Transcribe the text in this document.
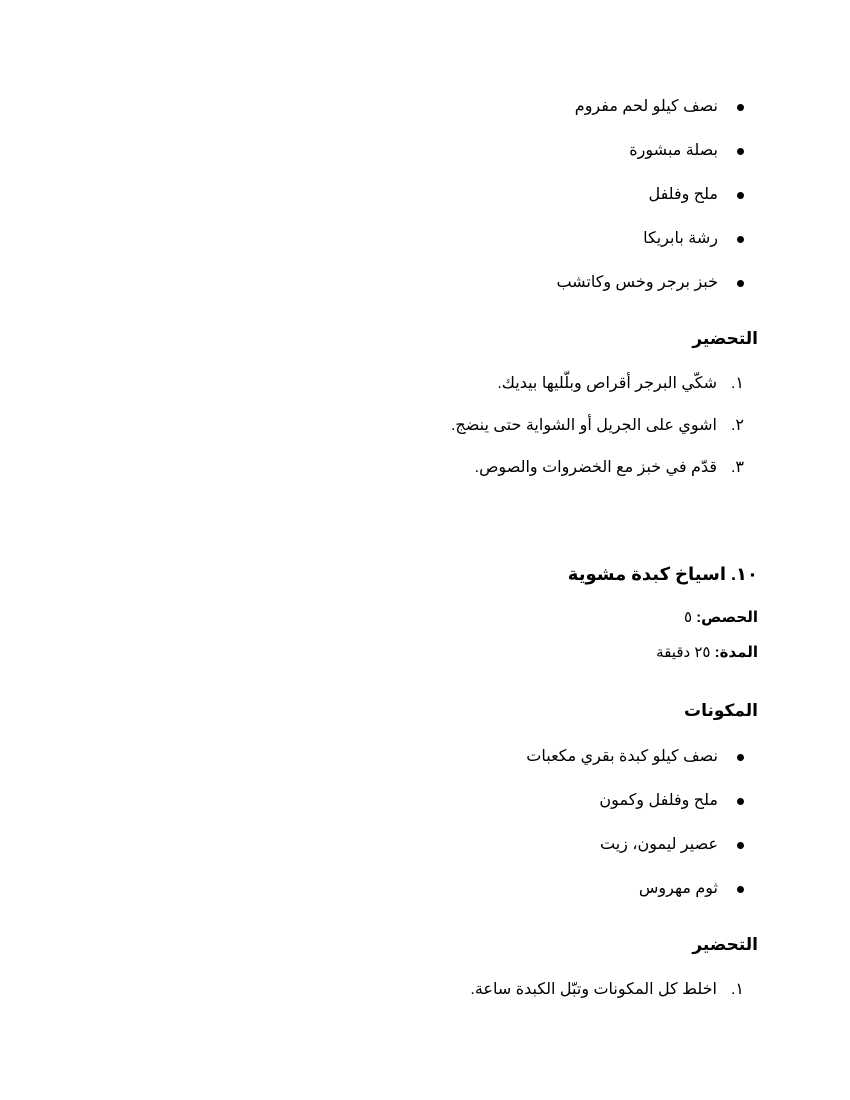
نصف كيلو لحم مفروم
بصلة مبشورة
ملح وفلفل
رشة بابريكا
خبز برجر وخس وكاتشب
التحضير
١.
شكّي البرجر أقراص وبلّليها بيديك.
٢.
اشوي على الجريل أو الشواية حتى ينضج.
٣.
قدّم في خبز مع الخضروات والصوص.
١٠. اسياخ كبدة مشوية
الحصص: ٥
المدة: ٢٥ دقيقة
المكونات
نصف كيلو كبدة بقري مكعبات
ملح وفلفل وكمون
عصير ليمون، زيت
ثوم مهروس
التحضير
١.
اخلط كل المكونات وتبّل الكبدة ساعة.
